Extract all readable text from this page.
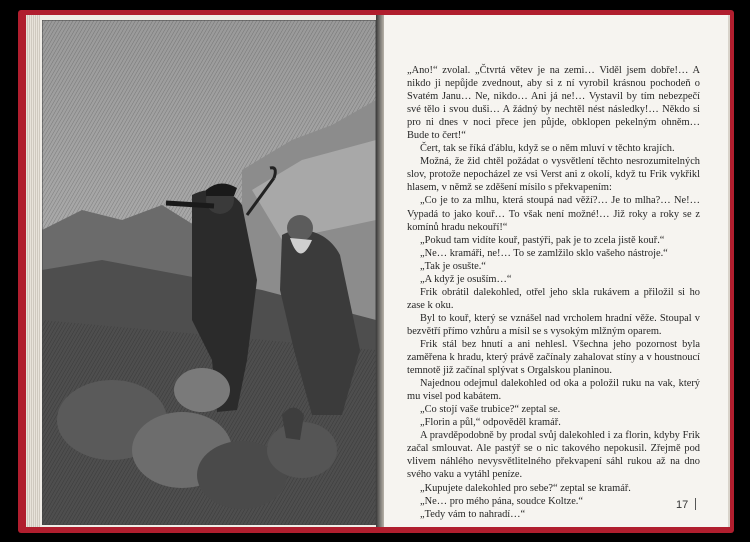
„Ano!“ zvolal. „Čtvrtá větev je na zemi… Viděl jsem dobře!… A nikdo ji nepůjde zvednout, aby si z ní vyrobil krásnou pochodeň o Svatém Janu… Ne, nikdo… Ani já ne!… Vystavil by tím nebezpečí své tělo i svou duši… A žádný by nechtěl nést následky!… Někdo si pro ni dnes v noci přece jen půjde, obklopen pekelným ohněm… Bude to čert!“

Čert, tak se říká ďáblu, když se o něm mluví v těchto krajích.

Možná, že žid chtěl požádat o vysvětlení těchto nesrozumitelných slov, protože nepocházel ze vsi Verst ani z okolí, když tu Frik vykřikl hlasem, v němž se zděšení mísilo s překvapením:

„Co je to za mlhu, která stoupá nad věží?… Je to mlha?… Ne!… Vypadá to jako kouř… To však není možné!… Již roky a roky se z komínů hradu nekouří!“

„Pokud tam vidíte kouř, pastýři, pak je to zcela jistě kouř.“

„Ne… kramáři, ne!… To se zamlžilo sklo vašeho nástroje.“

„Tak je osušte.“

„A když je osuším…“

Frik obrátil dalekohled, otřel jeho skla rukávem a přiložil si ho zase k oku.

Byl to kouř, který se vznášel nad vrcholem hradní věže. Stoupal v bezvětří přímo vzhůru a mísil se s vysokým mlžným oparem.

Frik stál bez hnutí a ani nehlesl. Všechna jeho pozornost byla zaměřena k hradu, který právě začínaly zahalovat stíny a v houstnoucí temnotě již začínal splývat s Orgalskou planinou.

Najednou odejmul dalekohled od oka a položil ruku na vak, který mu visel pod kabátem.

„Co stojí vaše trubice?“ zeptal se.

„Florin a půl,“ odpověděl kramář.

A pravděpodobně by prodal svůj dalekohled i za florin, kdyby Frik začal smlouvat. Ale pastýř se o nic takového nepokusil. Zřejmě pod vlivem náhlého nevysvětlitelného překvapení sáhl rukou až na dno svého vaku a vytáhl peníze.

„Kupujete dalekohled pro sebe?“ zeptal se kramář.

„Ne… pro mého pána, soudce Koltze.“

„Tedy vám to nahradí…“

17
